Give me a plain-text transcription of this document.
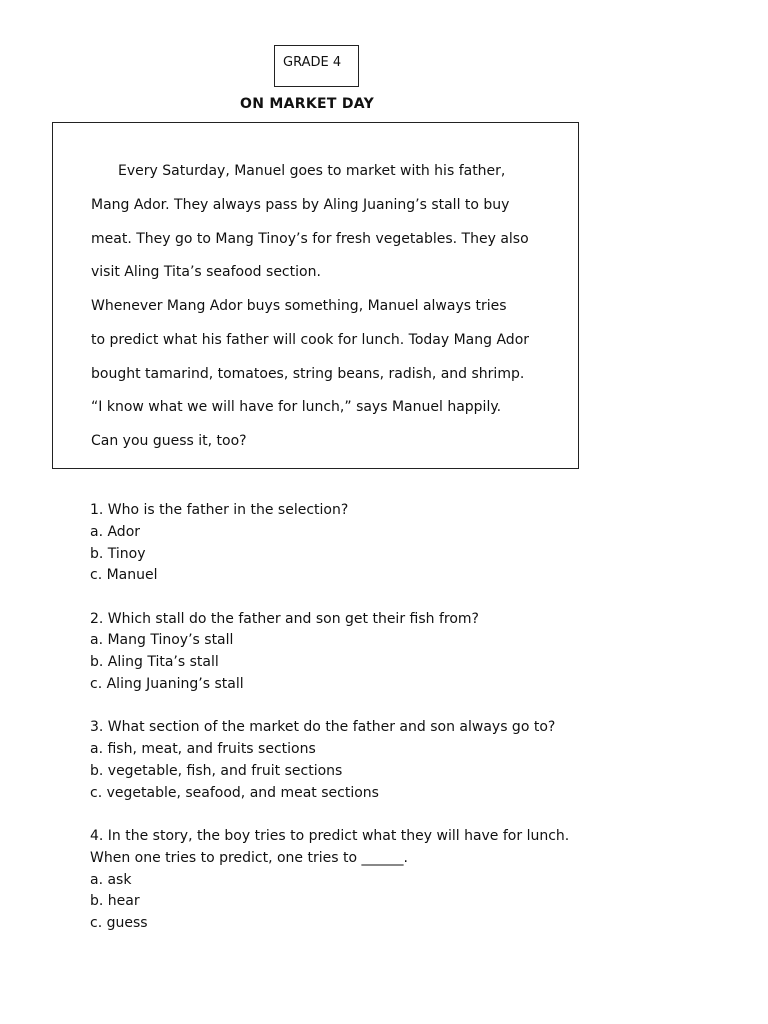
GRADE 4
ON MARKET DAY
Every Saturday, Manuel goes to market with his father,
Mang Ador. They always pass by Aling Juaning’s stall to buy
meat. They go to Mang Tinoy’s for fresh vegetables. They also
visit Aling Tita’s seafood section.
Whenever Mang Ador buys something, Manuel always tries
to predict what his father will cook for lunch. Today Mang Ador
bought tamarind, tomatoes, string beans, radish, and shrimp.
“I know what we will have for lunch,” says Manuel happily.
Can you guess it, too?
1. Who is the father in the selection?
a. Ador
b. Tinoy
c. Manuel
2. Which stall do the father and son get their fish from?
a. Mang Tinoy’s stall
b. Aling Tita’s stall
c. Aling Juaning’s stall
3. What section of the market do the father and son always go to?
a. fish, meat, and fruits sections
b. vegetable, fish, and fruit sections
c. vegetable, seafood, and meat sections
4. In the story, the boy tries to predict what they will have for lunch.
When one tries to predict, one tries to ______.
a. ask
b. hear
c. guess
